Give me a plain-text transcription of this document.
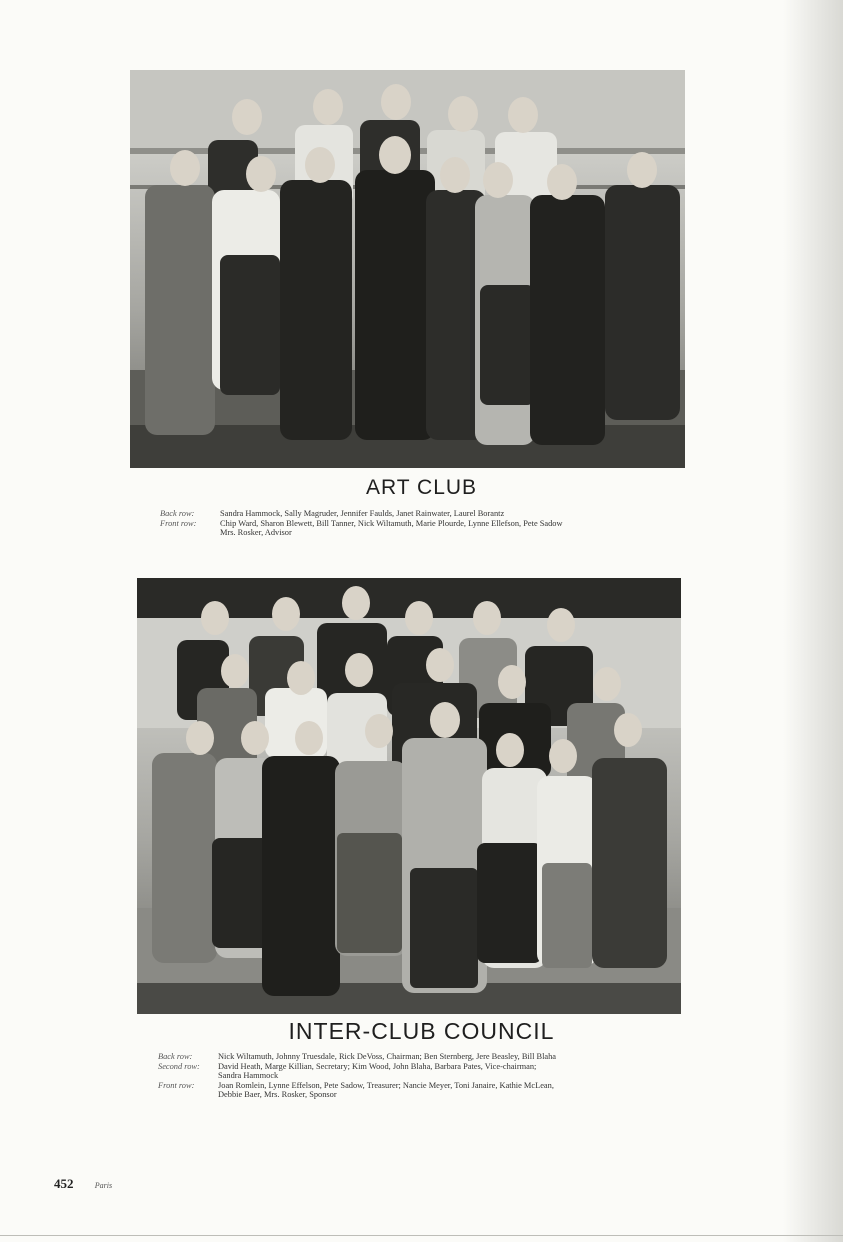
ART CLUB
Back row:	Sandra Hammock, Sally Magruder, Jennifer Faulds, Janet Rainwater, Laurel Borantz
Front row:	Chip Ward, Sharon Blewett, Bill Tanner, Nick Wiltamuth, Marie Plourde, Lynne Ellefson, Pete Sadow
Mrs. Rosker, Advisor
INTER-CLUB COUNCIL
Back row:	Nick Wiltamuth, Johnny Truesdale, Rick DeVoss, Chairman; Ben Sternberg, Jere Beasley, Bill Blaha
Second row:	David Heath, Marge Killian, Secretary; Kim Wood, John Blaha, Barbara Pates, Vice-chairman;
Sandra Hammock
Front row:	Joan Romlein, Lynne Effelson, Pete Sadow, Treasurer; Nancie Meyer, Toni Janaire, Kathie McLean,
Debbie Baer, Mrs. Rosker, Sponsor
452	Paris
